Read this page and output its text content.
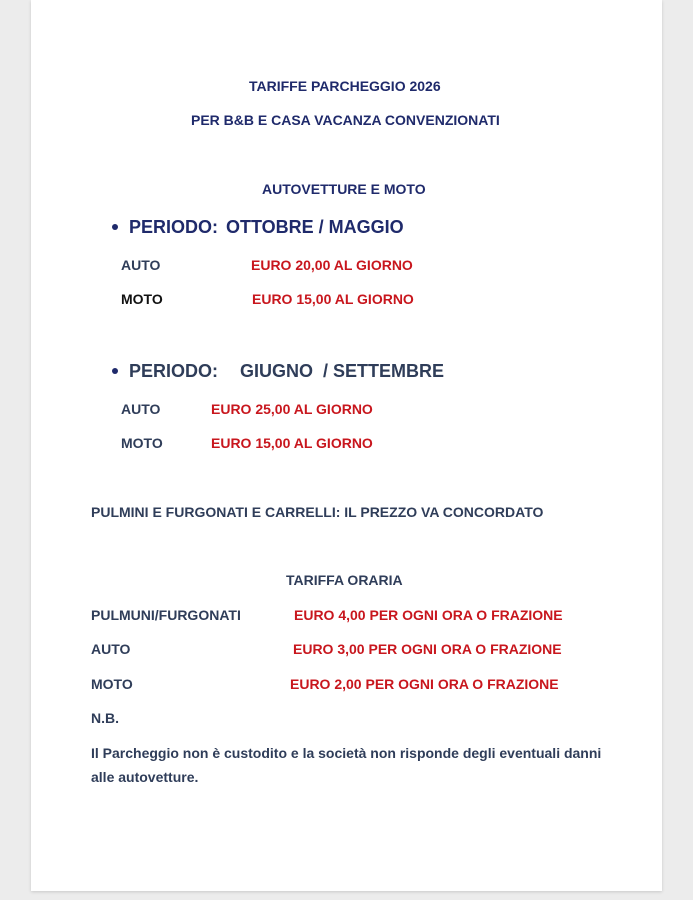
TARIFFE PARCHEGGIO 2026
PER B&B E CASA VACANZA CONVENZIONATI
AUTOVETTURE E MOTO
PERIODO: OTTOBRE / MAGGIO
AUTO	EURO 20,00 AL GIORNO
MOTO	EURO 15,00 AL GIORNO
PERIODO: GIUGNO  / SETTEMBRE
AUTO	EURO 25,00 AL GIORNO
MOTO	EURO 15,00 AL GIORNO
PULMINI E FURGONATI E CARRELLI: IL PREZZO VA CONCORDATO
TARIFFA ORARIA
PULMUNI/FURGONATI	EURO 4,00 PER OGNI ORA O FRAZIONE
AUTO	EURO 3,00 PER OGNI ORA O FRAZIONE
MOTO	EURO 2,00 PER OGNI ORA O FRAZIONE
N.B.
Il Parcheggio non è custodito e la società non risponde degli eventuali danni alle autovetture.
